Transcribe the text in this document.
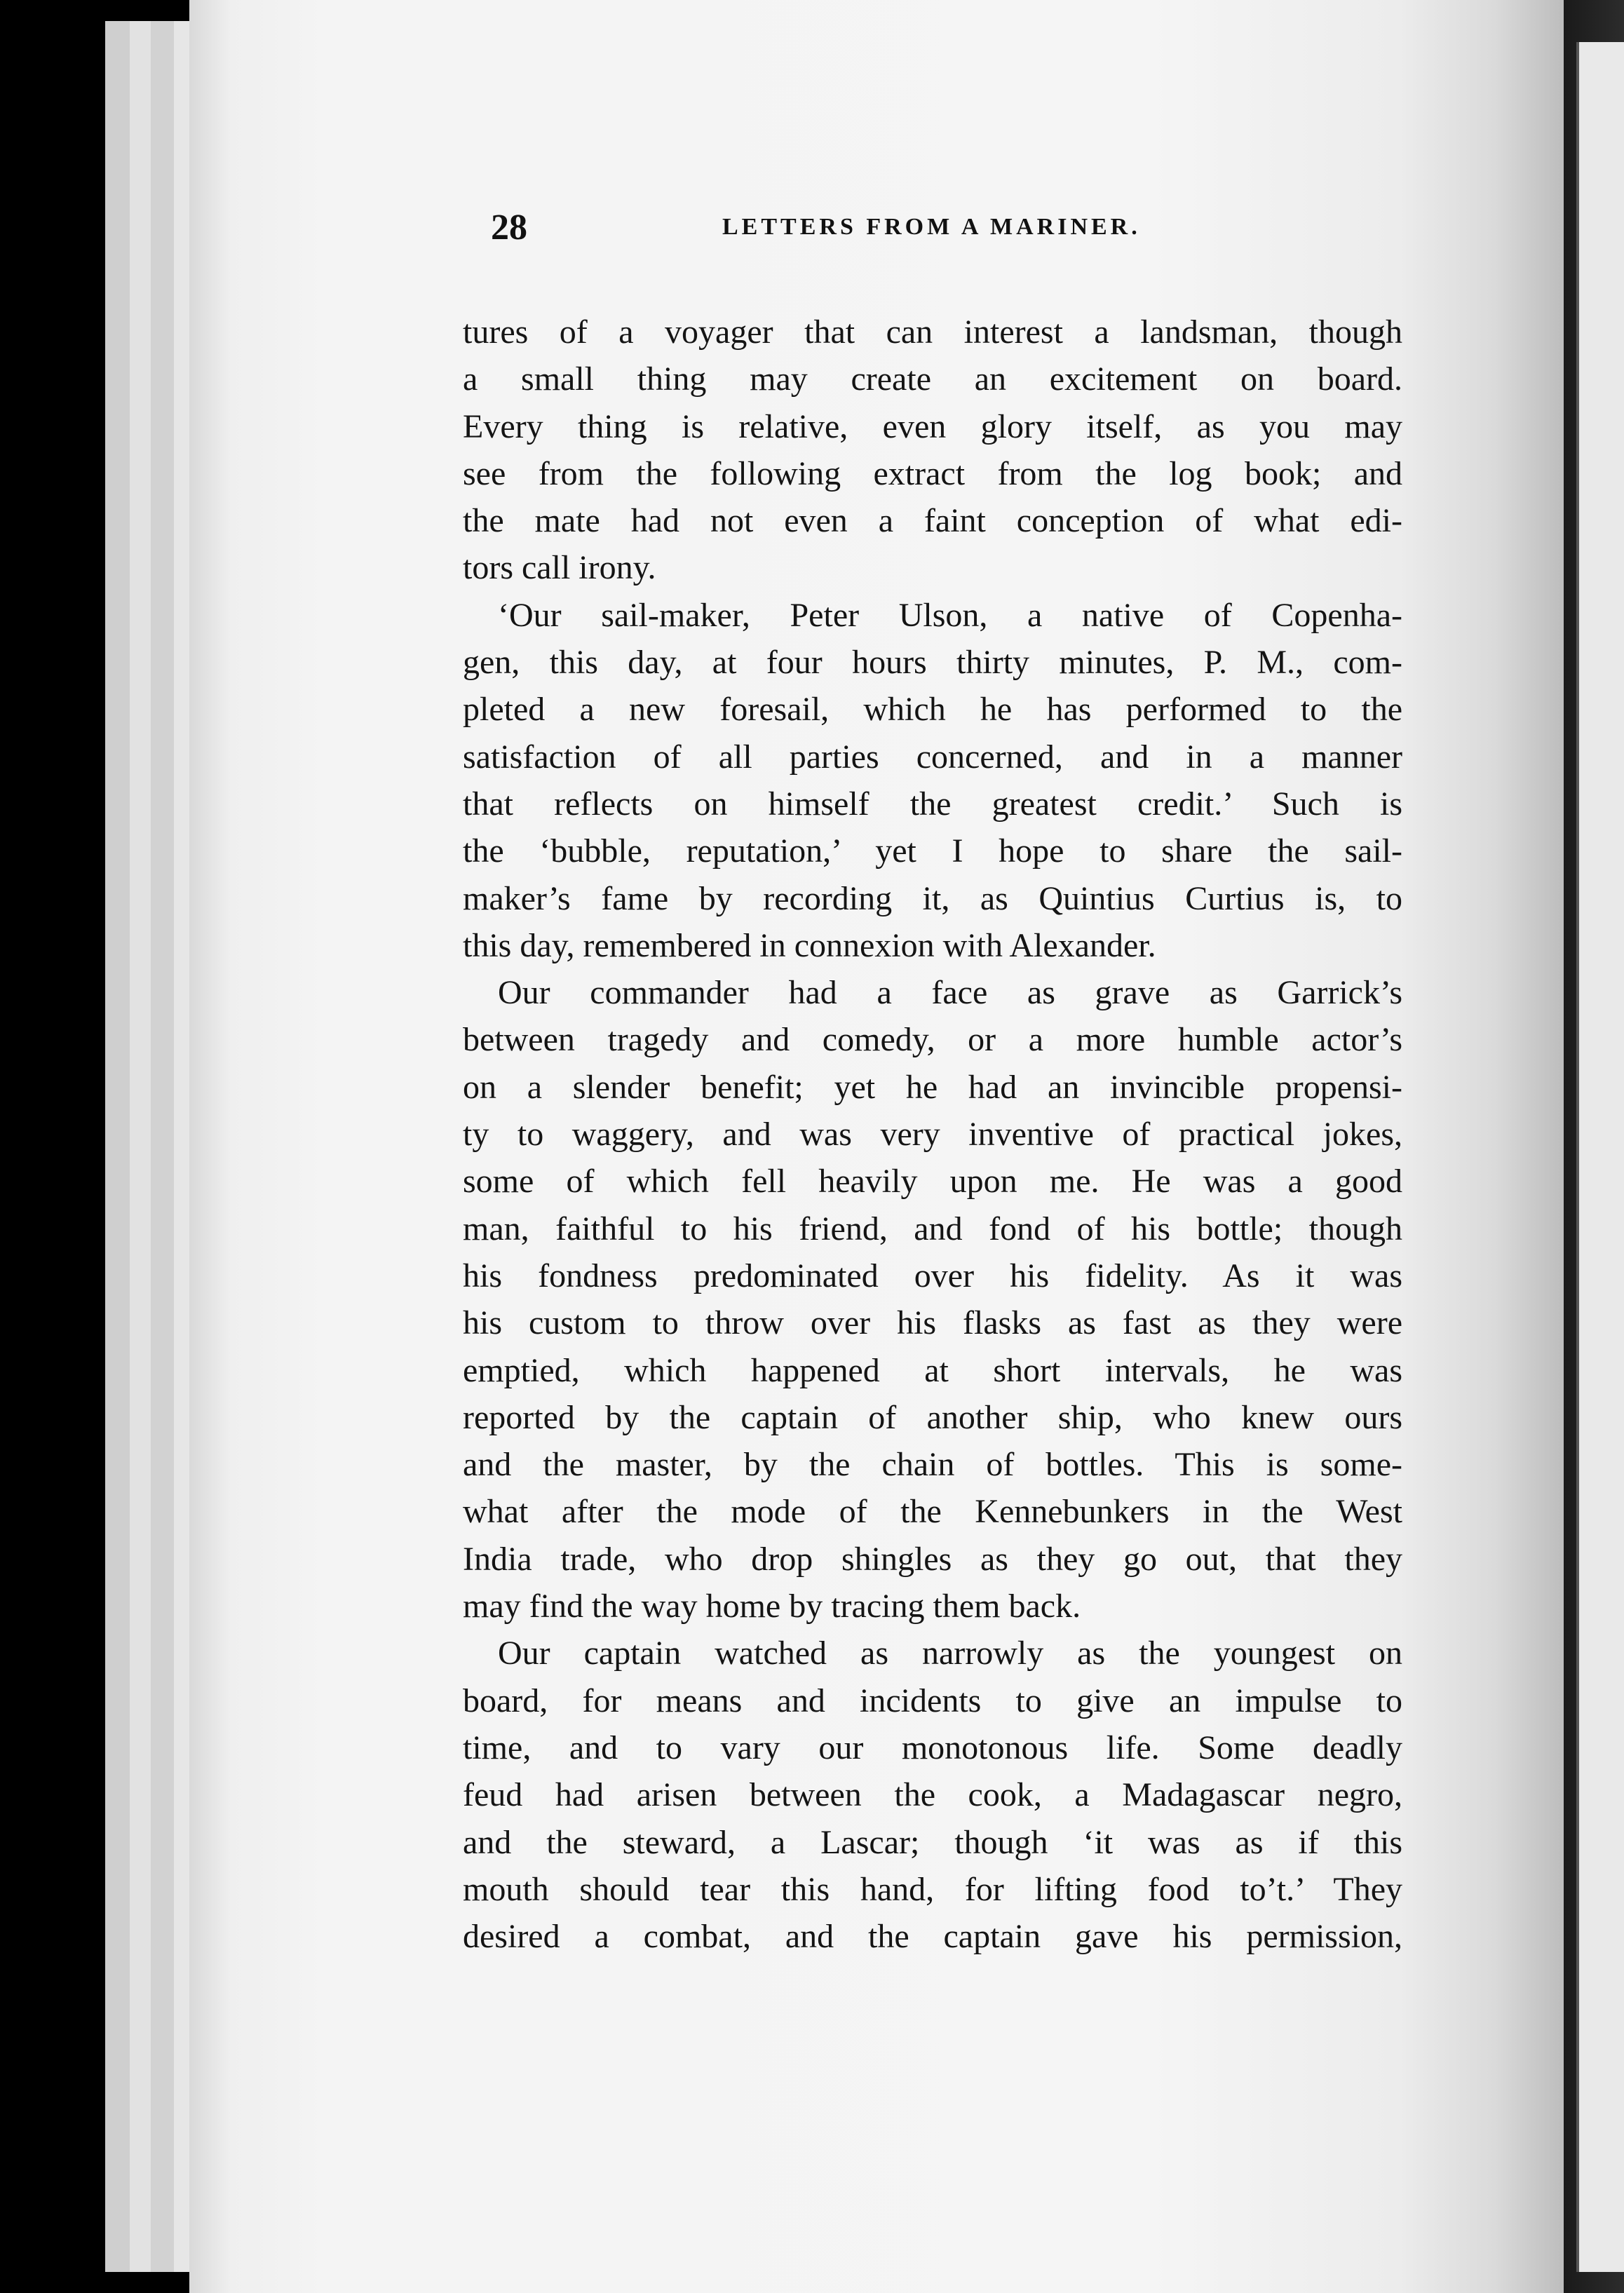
28	LETTERS FROM A MARINER.
tures of a voyager that can interest a landsman, though
a small thing may create an excitement on board.
Every thing is relative, even glory itself, as you may
see from the following extract from the log book; and
the mate had not even a faint conception of what edi-
tors call irony.
‘Our sail-maker, Peter Ulson, a native of Copenha-
gen, this day, at four hours thirty minutes, P. M., com-
pleted a new foresail, which he has performed to the
satisfaction of all parties concerned, and in a manner
that reflects on himself the greatest credit.’ Such is
the ‘bubble, reputation,’ yet I hope to share the sail-
maker’s fame by recording it, as Quintius Curtius is, to
this day, remembered in connexion with Alexander.
Our commander had a face as grave as Garrick’s
between tragedy and comedy, or a more humble actor’s
on a slender benefit; yet he had an invincible propensi-
ty to waggery, and was very inventive of practical jokes,
some of which fell heavily upon me. He was a good
man, faithful to his friend, and fond of his bottle; though
his fondness predominated over his fidelity. As it was
his custom to throw over his flasks as fast as they were
emptied, which happened at short intervals, he was
reported by the captain of another ship, who knew ours
and the master, by the chain of bottles. This is some-
what after the mode of the Kennebunkers in the West
India trade, who drop shingles as they go out, that they
may find the way home by tracing them back.
Our captain watched as narrowly as the youngest on
board, for means and incidents to give an impulse to
time, and to vary our monotonous life. Some deadly
feud had arisen between the cook, a Madagascar negro,
and the steward, a Lascar; though ‘it was as if this
mouth should tear this hand, for lifting food to’t.’ They
desired a combat, and the captain gave his permission,
